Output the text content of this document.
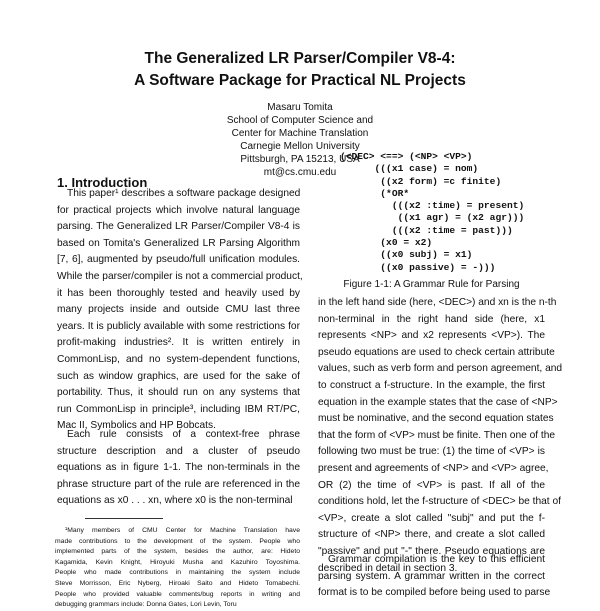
The Generalized LR Parser/Compiler V8-4:
A Software Package for Practical NL Projects
Masaru Tomita
School of Computer Science and
Center for Machine Translation
Carnegie Mellon University
Pittsburgh, PA 15213, USA
mt@cs.cmu.edu
1. Introduction
This paper¹ describes a software package designed
for practical projects which involve natural language
parsing. The Generalized LR Parser/Compiler V8-4 is
based on Tomita's Generalized LR Parsing Algorithm
[7, 6], augmented by pseudo/full unification modules.
While the parser/compiler is not a commercial product,
it has been thoroughly tested and heavily used by
many projects inside and outside CMU last three
years. It is publicly available with some restrictions for
profit-making industries². It is written entirely in
CommonLisp, and no system-dependent functions,
such as window graphics, are used for the sake of
portability. Thus, it should run on any systems that
run CommonLisp in principle³, including IBM RT/PC,
Mac II, Symbolics and HP Bobcats.
Each rule consists of a context-free phrase
structure description and a cluster of pseudo
equations as in figure 1-1. The non-terminals in the
phrase structure part of the rule are referenced in the
equations as x0 . . . xn, where x0 is the non-terminal
¹Many members of CMU Center for Machine Translation have
made contributions to the development of the system. People who
implemented parts of the system, besides the author, are: Hideto
Kagamida, Kevin Knight, Hiroyuki Musha and Kazuhiro Toyoshima.
People who made contributions in maintaining the system include
Steve Morrisson, Eric Nyberg, Hiroaki Saito and Hideto Tomabechi.
People who provided valuable comments/bug reports in writing and
debugging grammars include: Donna Gates, Lori Levin, Toru
(<DEC> <==> (<NP> <VP>)
(((x1 case) = nom)
((x2 form) =c finite)
(*OR*
(((x2 :time) = present)
((x1 agr) = (x2 agr)))
(((x2 :time = past)))
(x0 = x2)
((x0 subj) = x1)
((x0 passive) = -)))
Figure 1-1: A Grammar Rule for Parsing
in the left hand side (here, <DEC>) and xn is the n-th
non-terminal in the right hand side (here, x1
represents <NP> and x2 represents <VP>). The
pseudo equations are used to check certain attribute
values, such as verb form and person agreement, and
to construct a f-structure. In the example, the first
equation in the example states that the case of <NP>
must be nominative, and the second equation states
that the form of <VP> must be finite. Then one of the
following two must be true: (1) the time of <VP> is
present and agreements of <NP> and <VP> agree,
OR (2) the time of <VP> is past. If all of the
conditions hold, let the f-structure of <DEC> be that of
<VP>, create a slot called "subj" and put the f-
structure of <NP> there, and create a slot called
"passive" and put "-" there. Pseudo equations are
described in detail in section 3.
Grammar compilation is the key to this efficient
parsing system. A grammar written in the correct
format is to be compiled before being used to parse
